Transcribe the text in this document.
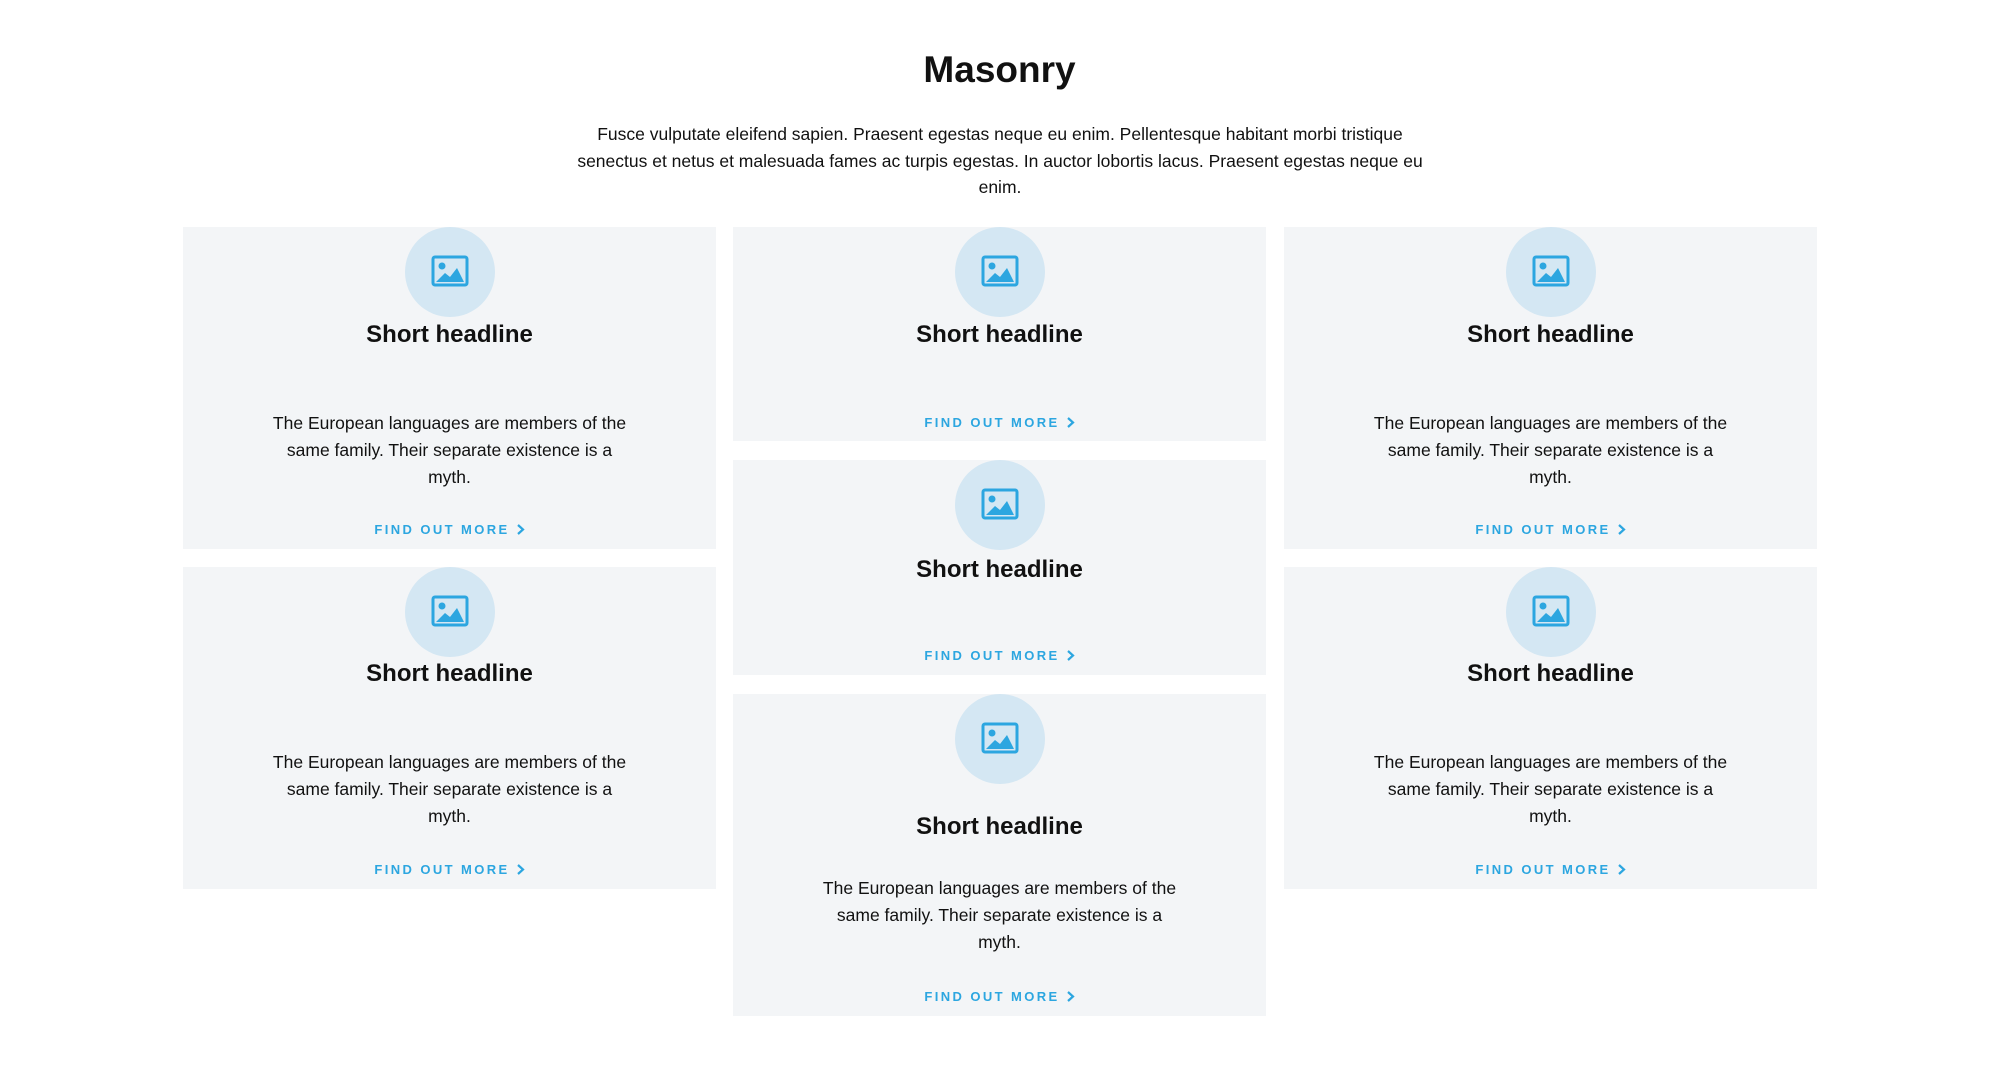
Masonry

Fusce vulputate eleifend sapien. Praesent egestas neque eu enim. Pellentesque habitant morbi tristique senectus et netus et malesuada fames ac turpis egestas. In auctor lobortis lacus. Praesent egestas neque eu enim.

Short headline

The European languages are members of the same family. Their separate existence is a myth.

FIND OUT MORE
Short headline

The European languages are members of the same family. Their separate existence is a myth.

FIND OUT MORE
Short headline
FIND OUT MORE
Short headline
FIND OUT MORE
Short headline

The European languages are members of the same family. Their separate existence is a myth.

FIND OUT MORE
Short headline

The European languages are members of the same family. Their separate existence is a myth.

FIND OUT MORE
Short headline

The European languages are members of the same family. Their separate existence is a myth.

FIND OUT MORE
